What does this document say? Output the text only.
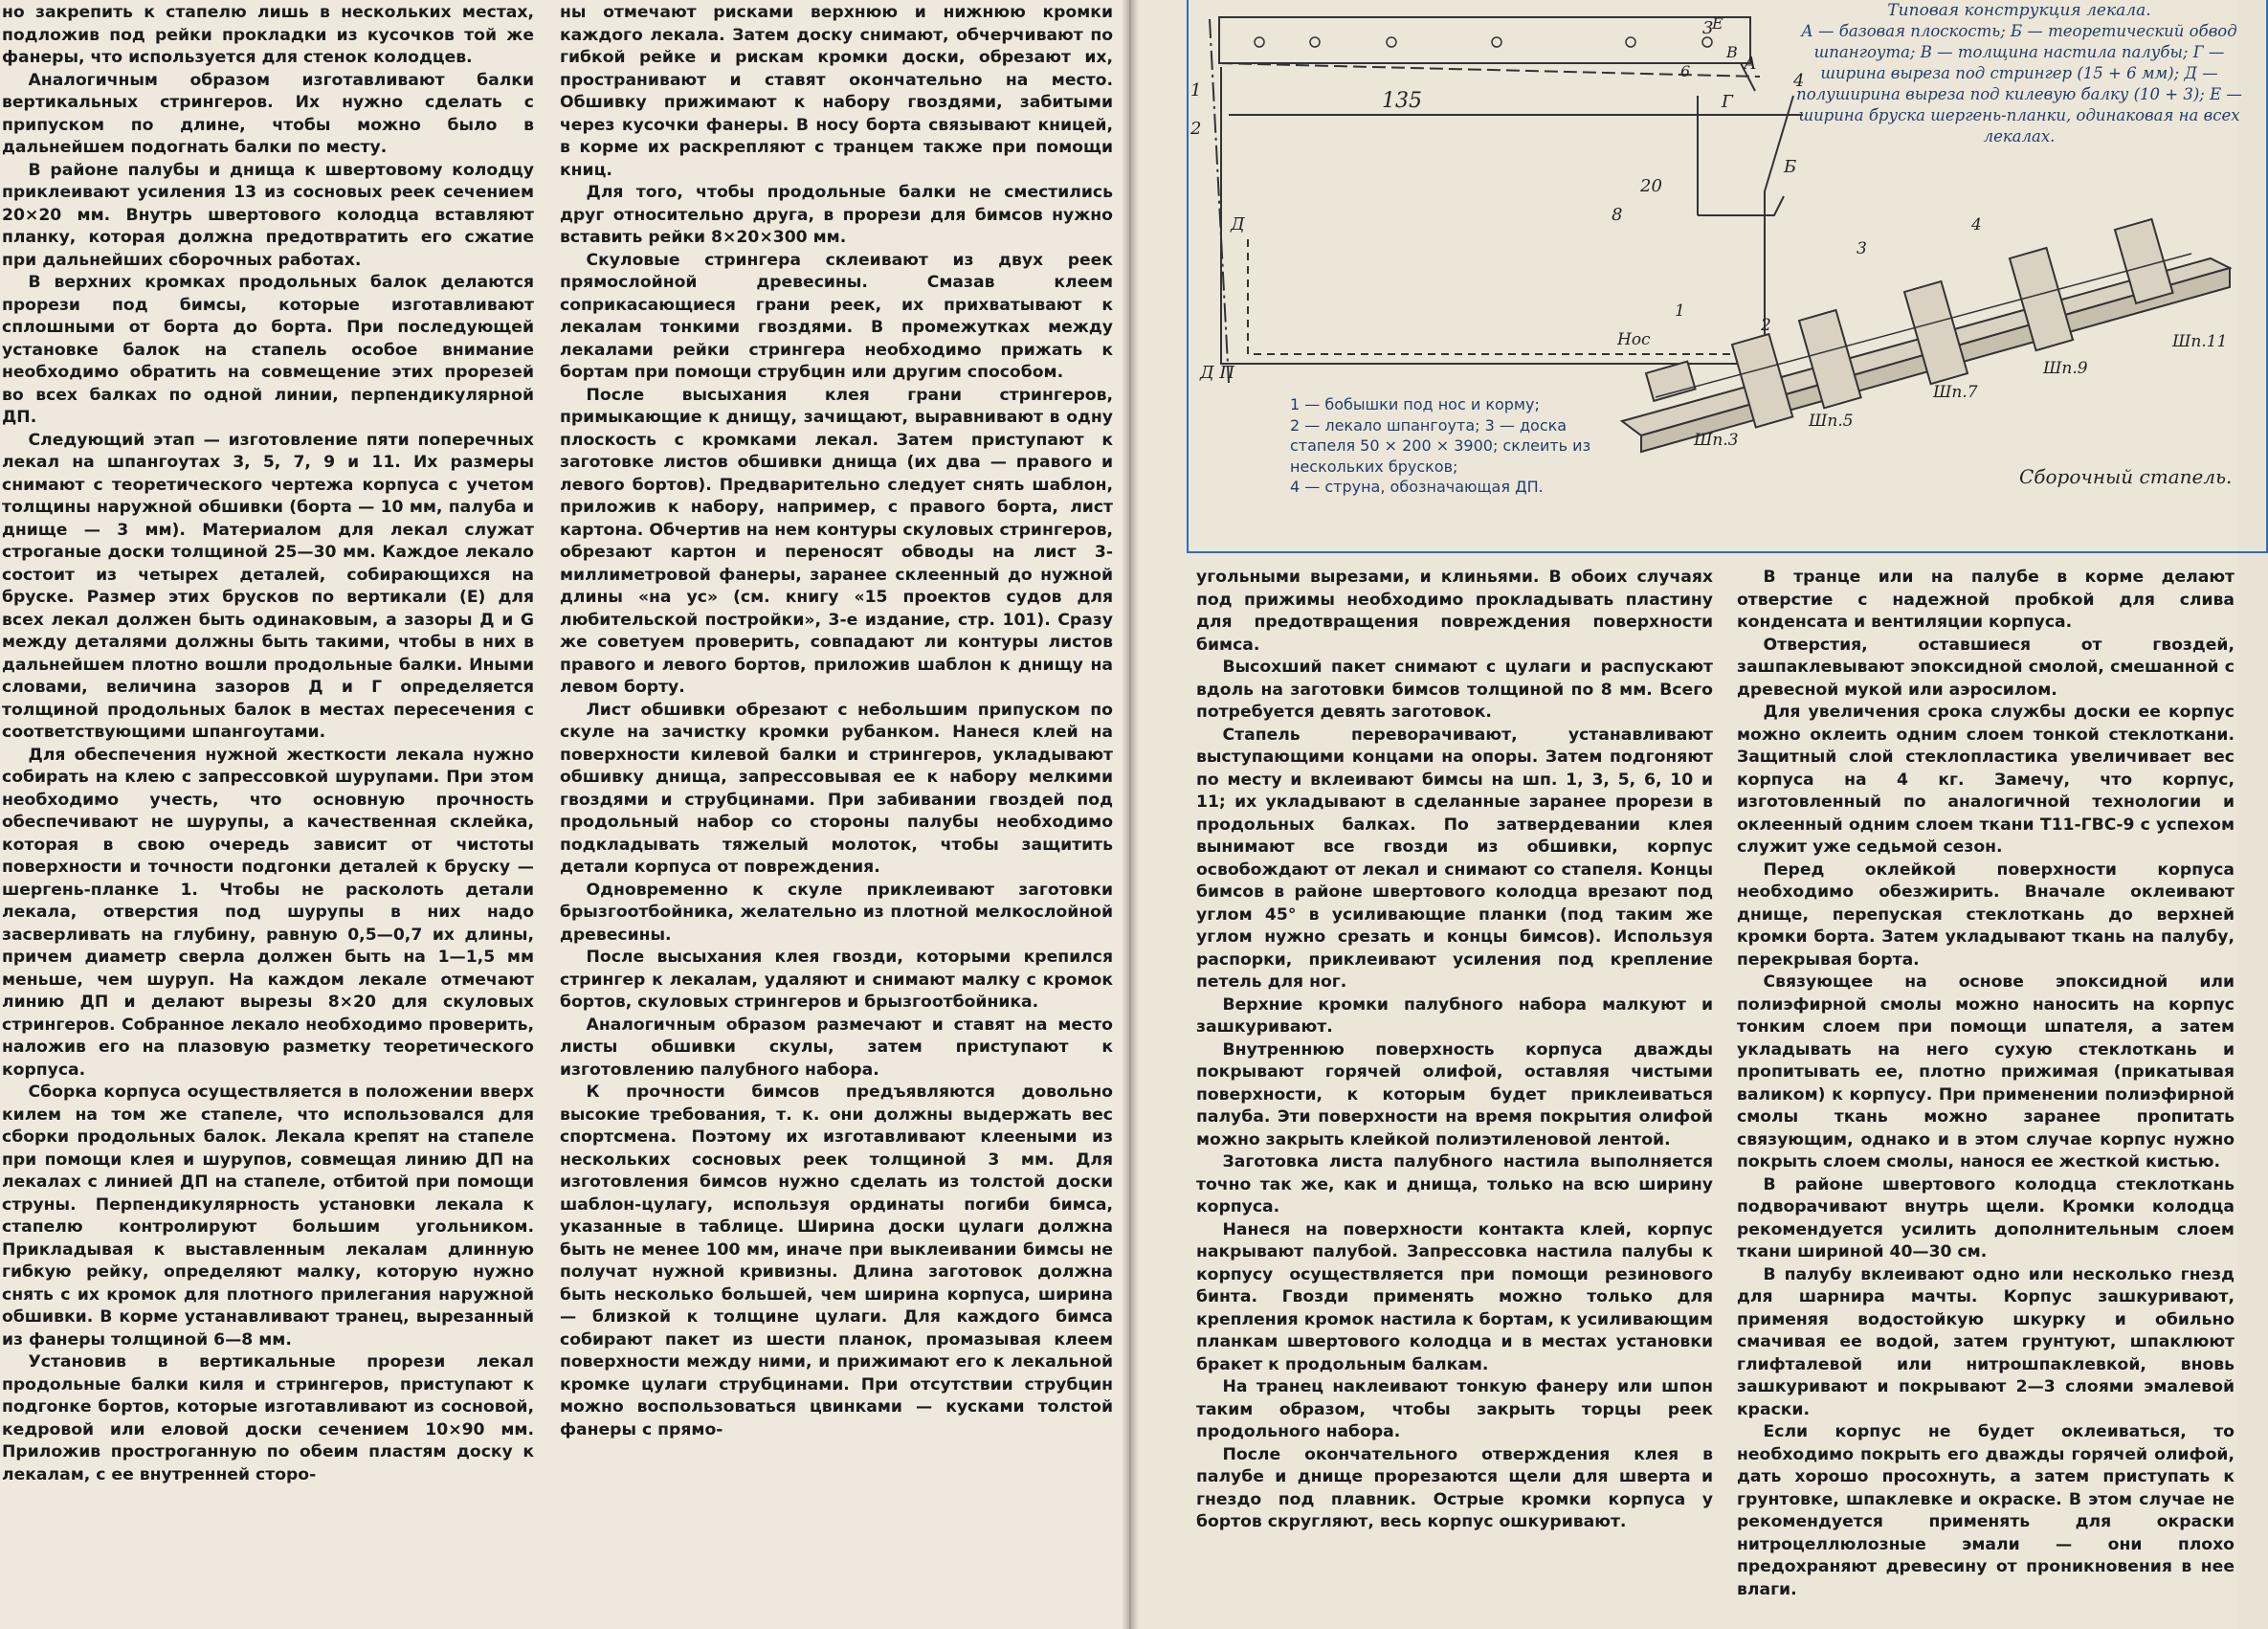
но закрепить к стапелю лишь в нескольких местах, подложив под рейки прокладки из кусочков той же фанеры, что используется для стенок колодцев.

Аналогичным образом изготавливают балки вертикальных стрингеров. Их нужно сделать с припуском по длине, чтобы можно было в дальнейшем подогнать балки по месту.

В районе палубы и днища к швертовому колодцу приклеивают усиления 13 из сосновых реек сечением 20×20 мм. Внутрь швертового колодца вставляют планку, которая должна предотвратить его сжатие при дальнейших сборочных работах.

В верхних кромках продольных балок делаются прорези под бимсы, которые изготавливают сплошными от борта до борта. При последующей установке балок на стапель особое внимание необходимо обратить на совмещение этих прорезей во всех балках по одной линии, перпендикулярной ДП.

Следующий этап — изготовление пяти поперечных лекал на шпангоутах 3, 5, 7, 9 и 11. Их размеры снимают с теоретического чертежа корпуса с учетом толщины наружной обшивки (борта — 10 мм, палуба и днище — 3 мм). Материалом для лекал служат строганые доски толщиной 25—30 мм. Каждое лекало состоит из четырех деталей, собирающихся на бруске. Размер этих брусков по вертикали (Е) для всех лекал должен быть одинаковым, а зазоры Д и G между деталями должны быть такими, чтобы в них в дальнейшем плотно вошли продольные балки. Иными словами, величина зазоров Д и Г определяется толщиной продольных балок в местах пересечения с соответствующими шпангоутами.

Для обеспечения нужной жесткости лекала нужно собирать на клею с запрессовкой шурупами. При этом необходимо учесть, что основную прочность обеспечивают не шурупы, а качественная склейка, которая в свою очередь зависит от чистоты поверхности и точности подгонки деталей к бруску — шергень-планке 1. Чтобы не расколоть детали лекала, отверстия под шурупы в них надо засверливать на глубину, равную 0,5—0,7 их длины, причем диаметр сверла должен быть на 1—1,5 мм меньше, чем шуруп. На каждом лекале отмечают линию ДП и делают вырезы 8×20 для скуловых стрингеров. Собранное лекало необходимо проверить, наложив его на плазовую разметку теоретического корпуса.

Сборка корпуса осуществляется в положении вверх килем на том же стапеле, что использовался для сборки продольных балок. Лекала крепят на стапеле при помощи клея и шурупов, совмещая линию ДП на лекалах с линией ДП на стапеле, отбитой при помощи струны. Перпендикулярность установки лекала к стапелю контролируют большим угольником. Прикладывая к выставленным лекалам длинную гибкую рейку, определяют малку, которую нужно снять с их кромок для плотного прилегания наружной обшивки. В корме устанавливают транец, вырезанный из фанеры толщиной 6—8 мм.

Установив в вертикальные прорези лекал продольные балки киля и стрингеров, приступают к подгонке бортов, которые изготавливают из сосновой, кедровой или еловой доски сечением 10×90 мм. Приложив простроганную по обеим пластям доску к лекалам, с ее внутренней сторо-

ны отмечают рисками верхнюю и нижнюю кромки каждого лекала. Затем доску снимают, обчерчивают по гибкой рейке и рискам кромки доски, обрезают их, пространивают и ставят окончательно на место. Обшивку прижимают к набору гвоздями, забитыми через кусочки фанеры. В носу борта связывают кницей, в корме их раскрепляют с транцем также при помощи книц.

Для того, чтобы продольные балки не сместились друг относительно друга, в прорези для бимсов нужно вставить рейки 8×20×300 мм.

Скуловые стрингера склеивают из двух реек прямослойной древесины. Смазав клеем соприкасающиеся грани реек, их прихватывают к лекалам тонкими гвоздями. В промежутках между лекалами рейки стрингера необходимо прижать к бортам при помощи струбцин или другим способом.

После высыхания клея грани стрингеров, примыкающие к днищу, зачищают, выравнивают в одну плоскость с кромками лекал. Затем приступают к заготовке листов обшивки днища (их два — правого и левого бортов). Предварительно следует снять шаблон, приложив к набору, например, с правого борта, лист картона. Обчертив на нем контуры скуловых стрингеров, обрезают картон и переносят обводы на лист 3-миллиметровой фанеры, заранее склеенный до нужной длины «на ус» (см. книгу «15 проектов судов для любительской постройки», 3-е издание, стр. 101). Сразу же советуем проверить, совпадают ли контуры листов правого и левого бортов, приложив шаблон к днищу на левом борту.

Лист обшивки обрезают с небольшим припуском по скуле на зачистку кромки рубанком. Нанеся клей на поверхности килевой балки и стрингеров, укладывают обшивку днища, запрессовывая ее к набору мелкими гвоздями и струбцинами. При забивании гвоздей под продольный набор со стороны палубы необходимо подкладывать тяжелый молоток, чтобы защитить детали корпуса от повреждения.

Одновременно к скуле приклеивают заготовки брызгоотбойника, желательно из плотной мелкослойной древесины.

После высыхания клея гвозди, которыми крепился стрингер к лекалам, удаляют и снимают малку с кромок бортов, скуловых стрингеров и брызгоотбойника.

Аналогичным образом размечают и ставят на место листы обшивки скулы, затем приступают к изготовлению палубного набора.

К прочности бимсов предъявляются довольно высокие требования, т. к. они должны выдержать вес спортсмена. Поэтому их изготавливают клееными из нескольких сосновых реек толщиной 3 мм. Для изготовления бимсов нужно сделать из толстой доски шаблон-цулагу, используя ординаты погиби бимса, указанные в таблице. Ширина доски цулаги должна быть не менее 100 мм, иначе при выклеивании бимсы не получат нужной кривизны. Длина заготовок должна быть несколько большей, чем ширина корпуса, ширина — близкой к толщине цулаги. Для каждого бимса собирают пакет из шести планок, промазывая клеем поверхности между ними, и прижимают его к лекальной кромке цулаги струбцинами. При отсутствии струбцин можно воспользоваться цвинками — кусками толстой фанеры с прямо-

135
20
8
6	А
Б
В
Г
Д
Е
Д П
1
2
3
4
Нос
Шп.3
Шп.5
Шп.7
Шп.9
Шп.11
1
2
3
4
Типовая конструкция лекала.
А — базовая плоскость; Б — теоретический обвод шпангоута; В — толщина настила палубы; Г — ширина выреза под стрингер (15 + 6 мм); Д — полуширина выреза под килевую балку (10 + 3); Е — ширина бруска шергень-планки, одинаковая на всех лекалах.
1 — бобышки под нос и корму;
2 — лекало шпангоута; 3 — доска стапеля 50 × 200 × 3900; склеить из нескольких брусков;
4 — струна, обозначающая ДП.	Сборочный стапель.

угольными вырезами, и клиньями. В обоих случаях под прижимы необходимо прокладывать пластину для предотвращения повреждения поверхности бимса.

Высохший пакет снимают с цулаги и распускают вдоль на заготовки бимсов толщиной по 8 мм. Всего потребуется девять заготовок.

Стапель переворачивают, устанавливают выступающими концами на опоры. Затем подгоняют по месту и вклеивают бимсы на шп. 1, 3, 5, 6, 10 и 11; их укладывают в сделанные заранее прорези в продольных балках. По затвердевании клея вынимают все гвозди из обшивки, корпус освобождают от лекал и снимают со стапеля. Концы бимсов в районе швертового колодца врезают под углом 45° в усиливающие планки (под таким же углом нужно срезать и концы бимсов). Используя распорки, приклеивают усиления под крепление петель для ног.

Верхние кромки палубного набора малкуют и зашкуривают.

Внутреннюю поверхность корпуса дважды покрывают горячей олифой, оставляя чистыми поверхности, к которым будет приклеиваться палуба. Эти поверхности на время покрытия олифой можно закрыть клейкой полиэтиленовой лентой.

Заготовка листа палубного настила выполняется точно так же, как и днища, только на всю ширину корпуса.

Нанеся на поверхности контакта клей, корпус накрывают палубой. Запрессовка настила палубы к корпусу осуществляется при помощи резинового бинта. Гвозди применять можно только для крепления кромок настила к бортам, к усиливающим планкам швертового колодца и в местах установки бракет к продольным балкам.

На транец наклеивают тонкую фанеру или шпон таким образом, чтобы закрыть торцы реек продольного набора.

После окончательного отверждения клея в палубе и днище прорезаются щели для шверта и гнездо под плавник. Острые кромки корпуса у бортов скругляют, весь корпус ошкуривают.

В транце или на палубе в корме делают отверстие с надежной пробкой для слива конденсата и вентиляции корпуса.

Отверстия, оставшиеся от гвоздей, зашпаклевывают эпоксидной смолой, смешанной с древесной мукой или аэросилом.

Для увеличения срока службы доски ее корпус можно оклеить одним слоем тонкой стеклоткани. Защитный слой стеклопластика увеличивает вес корпуса на 4 кг. Замечу, что корпус, изготовленный по аналогичной технологии и оклеенный одним слоем ткани Т11-ГВС-9 с успехом служит уже седьмой сезон.

Перед оклейкой поверхности корпуса необходимо обезжирить. Вначале оклеивают днище, перепуская стеклоткань до верхней кромки борта. Затем укладывают ткань на палубу, перекрывая борта.

Связующее на основе эпоксидной или полиэфирной смолы можно наносить на корпус тонким слоем при помощи шпателя, а затем укладывать на него сухую стеклоткань и пропитывать ее, плотно прижимая (прикатывая валиком) к корпусу. При применении полиэфирной смолы ткань можно заранее пропитать связующим, однако и в этом случае корпус нужно покрыть слоем смолы, нанося ее жесткой кистью.

В районе швертового колодца стеклоткань подворачивают внутрь щели. Кромки колодца рекомендуется усилить дополнительным слоем ткани шириной 40—30 см.

В палубу вклеивают одно или несколько гнезд для шарнира мачты. Корпус зашкуривают, применяя водостойкую шкурку и обильно смачивая ее водой, затем грунтуют, шпаклюют глифталевой или нитрошпаклевкой, вновь зашкуривают и покрывают 2—3 слоями эмалевой краски.

Если корпус не будет оклеиваться, то необходимо покрыть его дважды горячей олифой, дать хорошо просохнуть, а затем приступать к грунтовке, шпаклевке и окраске. В этом случае не рекомендуется применять для окраски нитроцеллюлозные эмали — они плохо предохраняют древесину от проникновения в нее влаги.
